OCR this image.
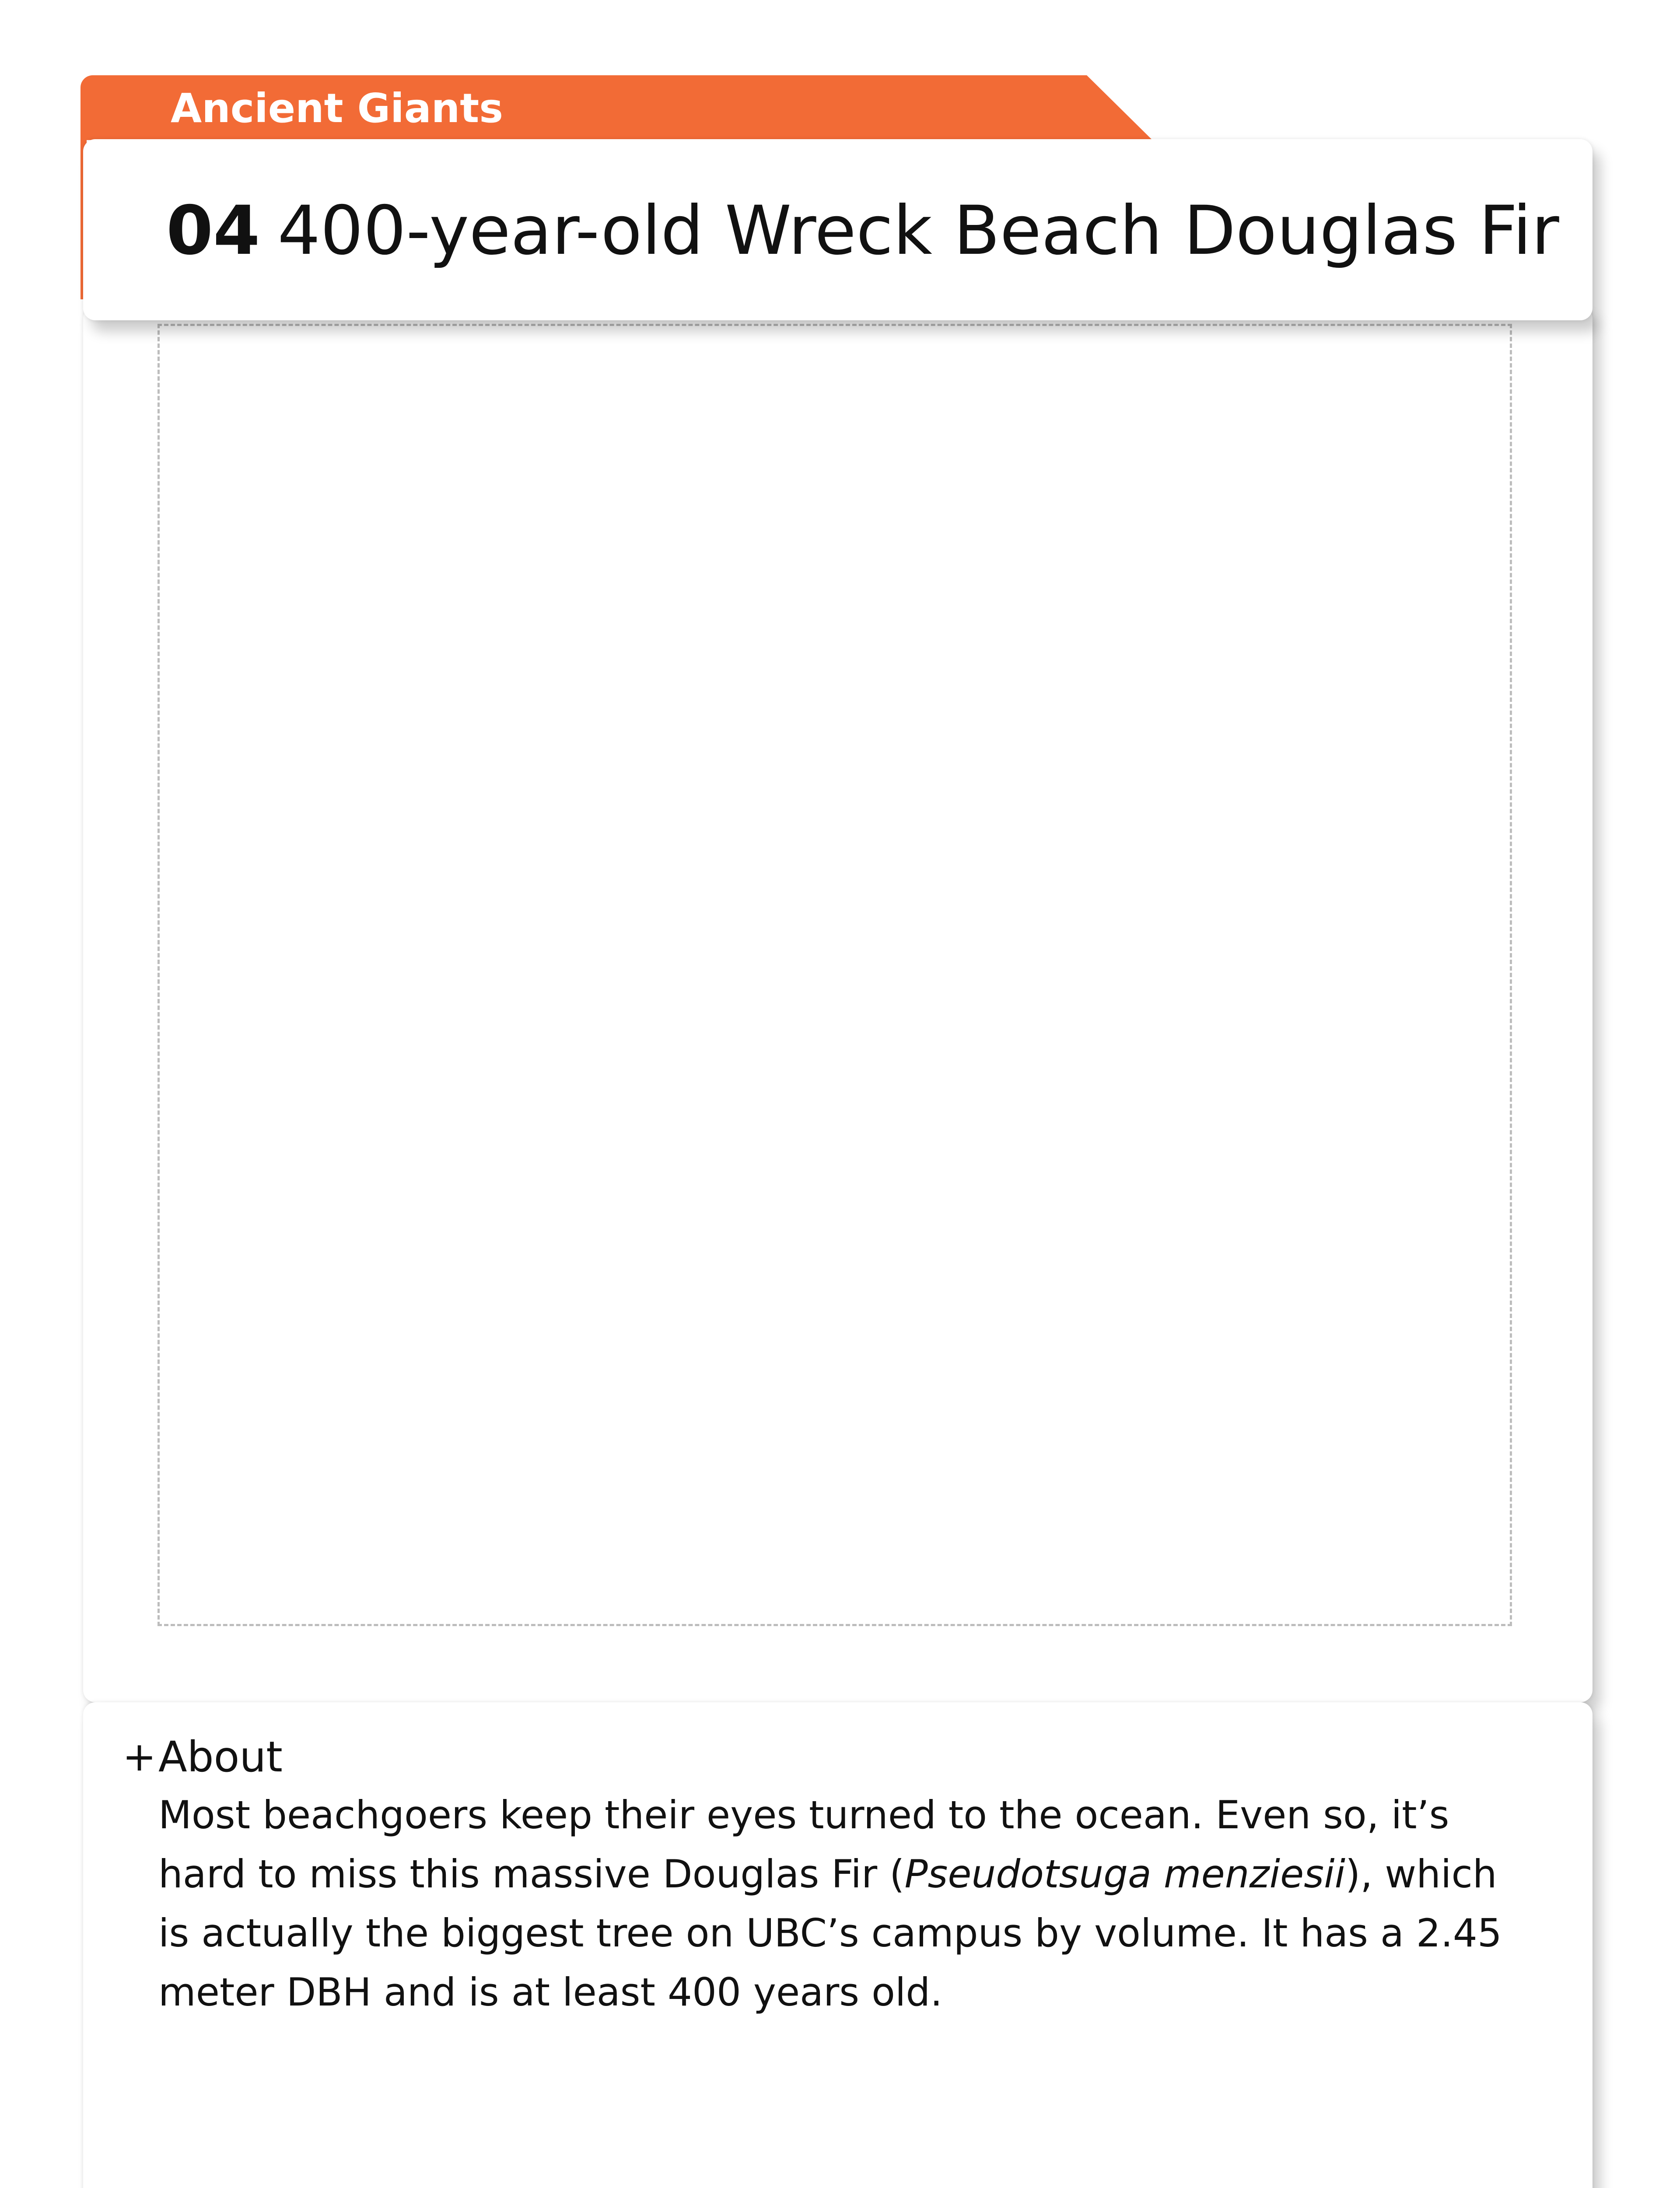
Ancient Giants
04 400-year-old Wreck Beach Douglas Fir
+ About
Most beachgoers keep their eyes turned to the ocean. Even so, it’s hard to miss this massive Douglas Fir (Pseudotsuga menziesii), which is actually the biggest tree on UBC’s campus by volume. It has a 2.45 meter DBH and is at least 400 years old.
